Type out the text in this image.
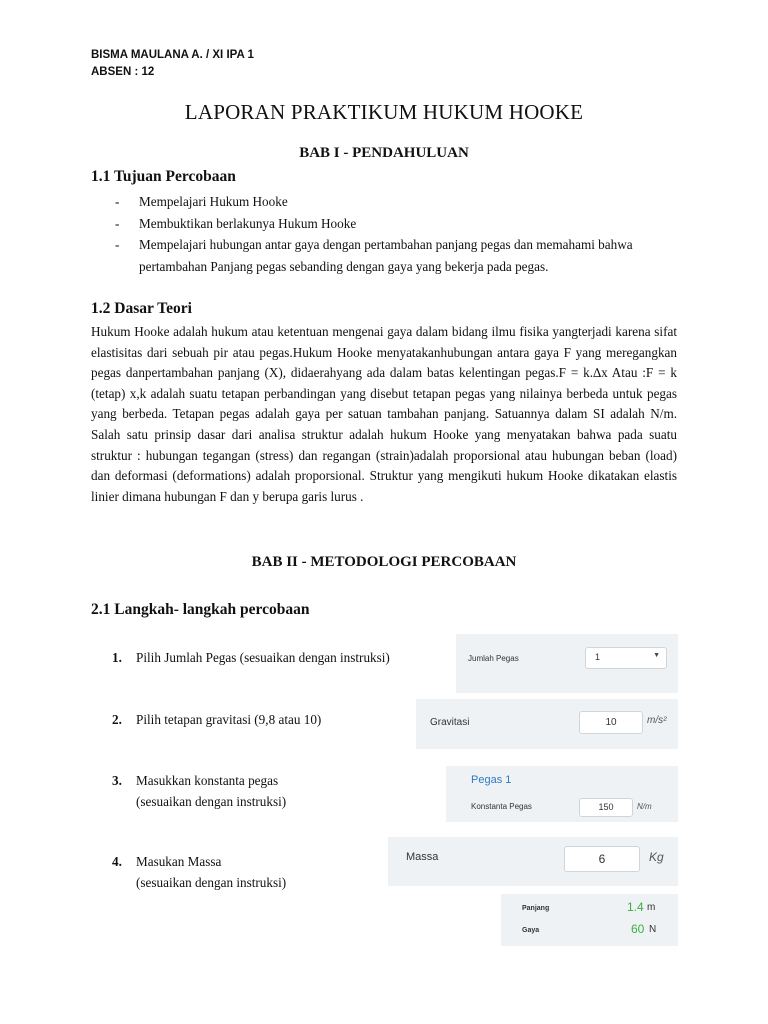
BISMA MAULANA A. / XI IPA 1
ABSEN : 12
LAPORAN PRAKTIKUM HUKUM HOOKE
BAB I - PENDAHULUAN
1.1 Tujuan Percobaan
- Mempelajari Hukum Hooke
- Membuktikan berlakunya Hukum Hooke
- Mempelajari hubungan antar gaya dengan pertambahan panjang pegas dan memahami bahwa pertambahan Panjang pegas sebanding dengan gaya yang bekerja pada pegas.
1.2 Dasar Teori

Hukum Hooke adalah hukum atau ketentuan mengenai gaya dalam bidang ilmu fisika yangterjadi karena sifat elastisitas dari sebuah pir atau pegas.Hukum Hooke menyatakanhubungan antara gaya F yang meregangkan pegas danpertambahan panjang (X), didaerahyang ada dalam batas kelentingan pegas.F = k.∆x Atau :F = k (tetap) x,k adalah suatu tetapan perbandingan yang disebut tetapan pegas yang nilainya berbeda untuk pegas yang berbeda. Tetapan pegas adalah gaya per satuan tambahan panjang. Satuannya dalam SI adalah N/m. Salah satu prinsip dasar dari analisa struktur adalah hukum Hooke yang menyatakan bahwa pada suatu struktur : hubungan tegangan (stress) dan regangan (strain)adalah proporsional atau hubungan beban (load) dan deformasi (deformations) adalah proporsional. Struktur yang mengikuti hukum Hooke dikatakan elastis linier dimana hubungan F dan y berupa garis lurus .

BAB II - METODOLOGI PERCOBAAN
2.1 Langkah- langkah percobaan
1. Pilih Jumlah Pegas (sesuaikan dengan instruksi)
2. Pilih tetapan gravitasi (9,8 atau 10)
3. Masukkan konstanta pegas
(sesuaikan dengan instruksi)
4. Masukan Massa
(sesuaikan dengan instruksi)
Jumlah Pegas	1	▼
Gravitasi	10	m/s²
Pegas 1
Konstanta Pegas	150	N/m
Massa	6	Kg
Panjang	1.4 m
Gaya	60 N
